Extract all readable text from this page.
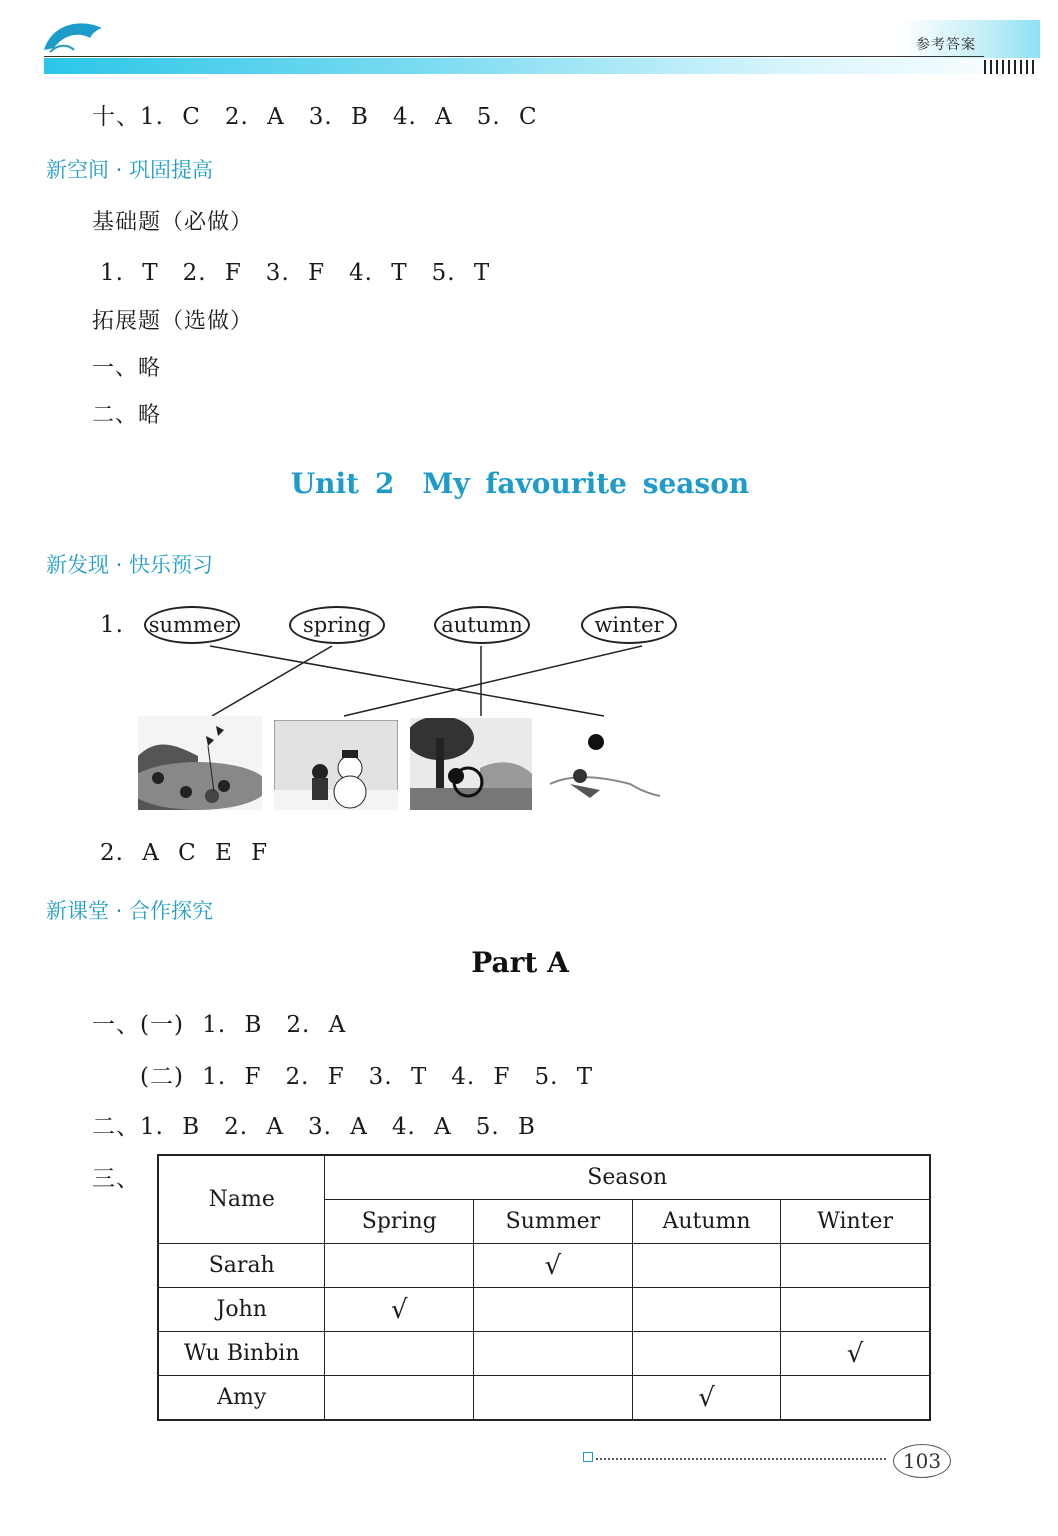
参考答案
十、1. C　2. A　3. B　4. A　5. C
新空间 · 巩固提高
基础题（必做）
1. T　2. F　3. F　4. T　5. T
拓展题（选做）
一、略
二、略
Unit 2　My favourite season
新发现 · 快乐预习
1. summer	spring	autumn	winter
2. A C E F
新课堂 · 合作探究
Part A
一、(一) 1. B　2. A
(二) 1. F　2. F　3. T　4. F　5. T
二、1. B　2. A　3. A　4. A　5. B
三、
Name	Season			
	Spring	Summer	Autumn	Winter
Sarah		√		
John	√			
Wu Binbin				√
Amy			√	
103
